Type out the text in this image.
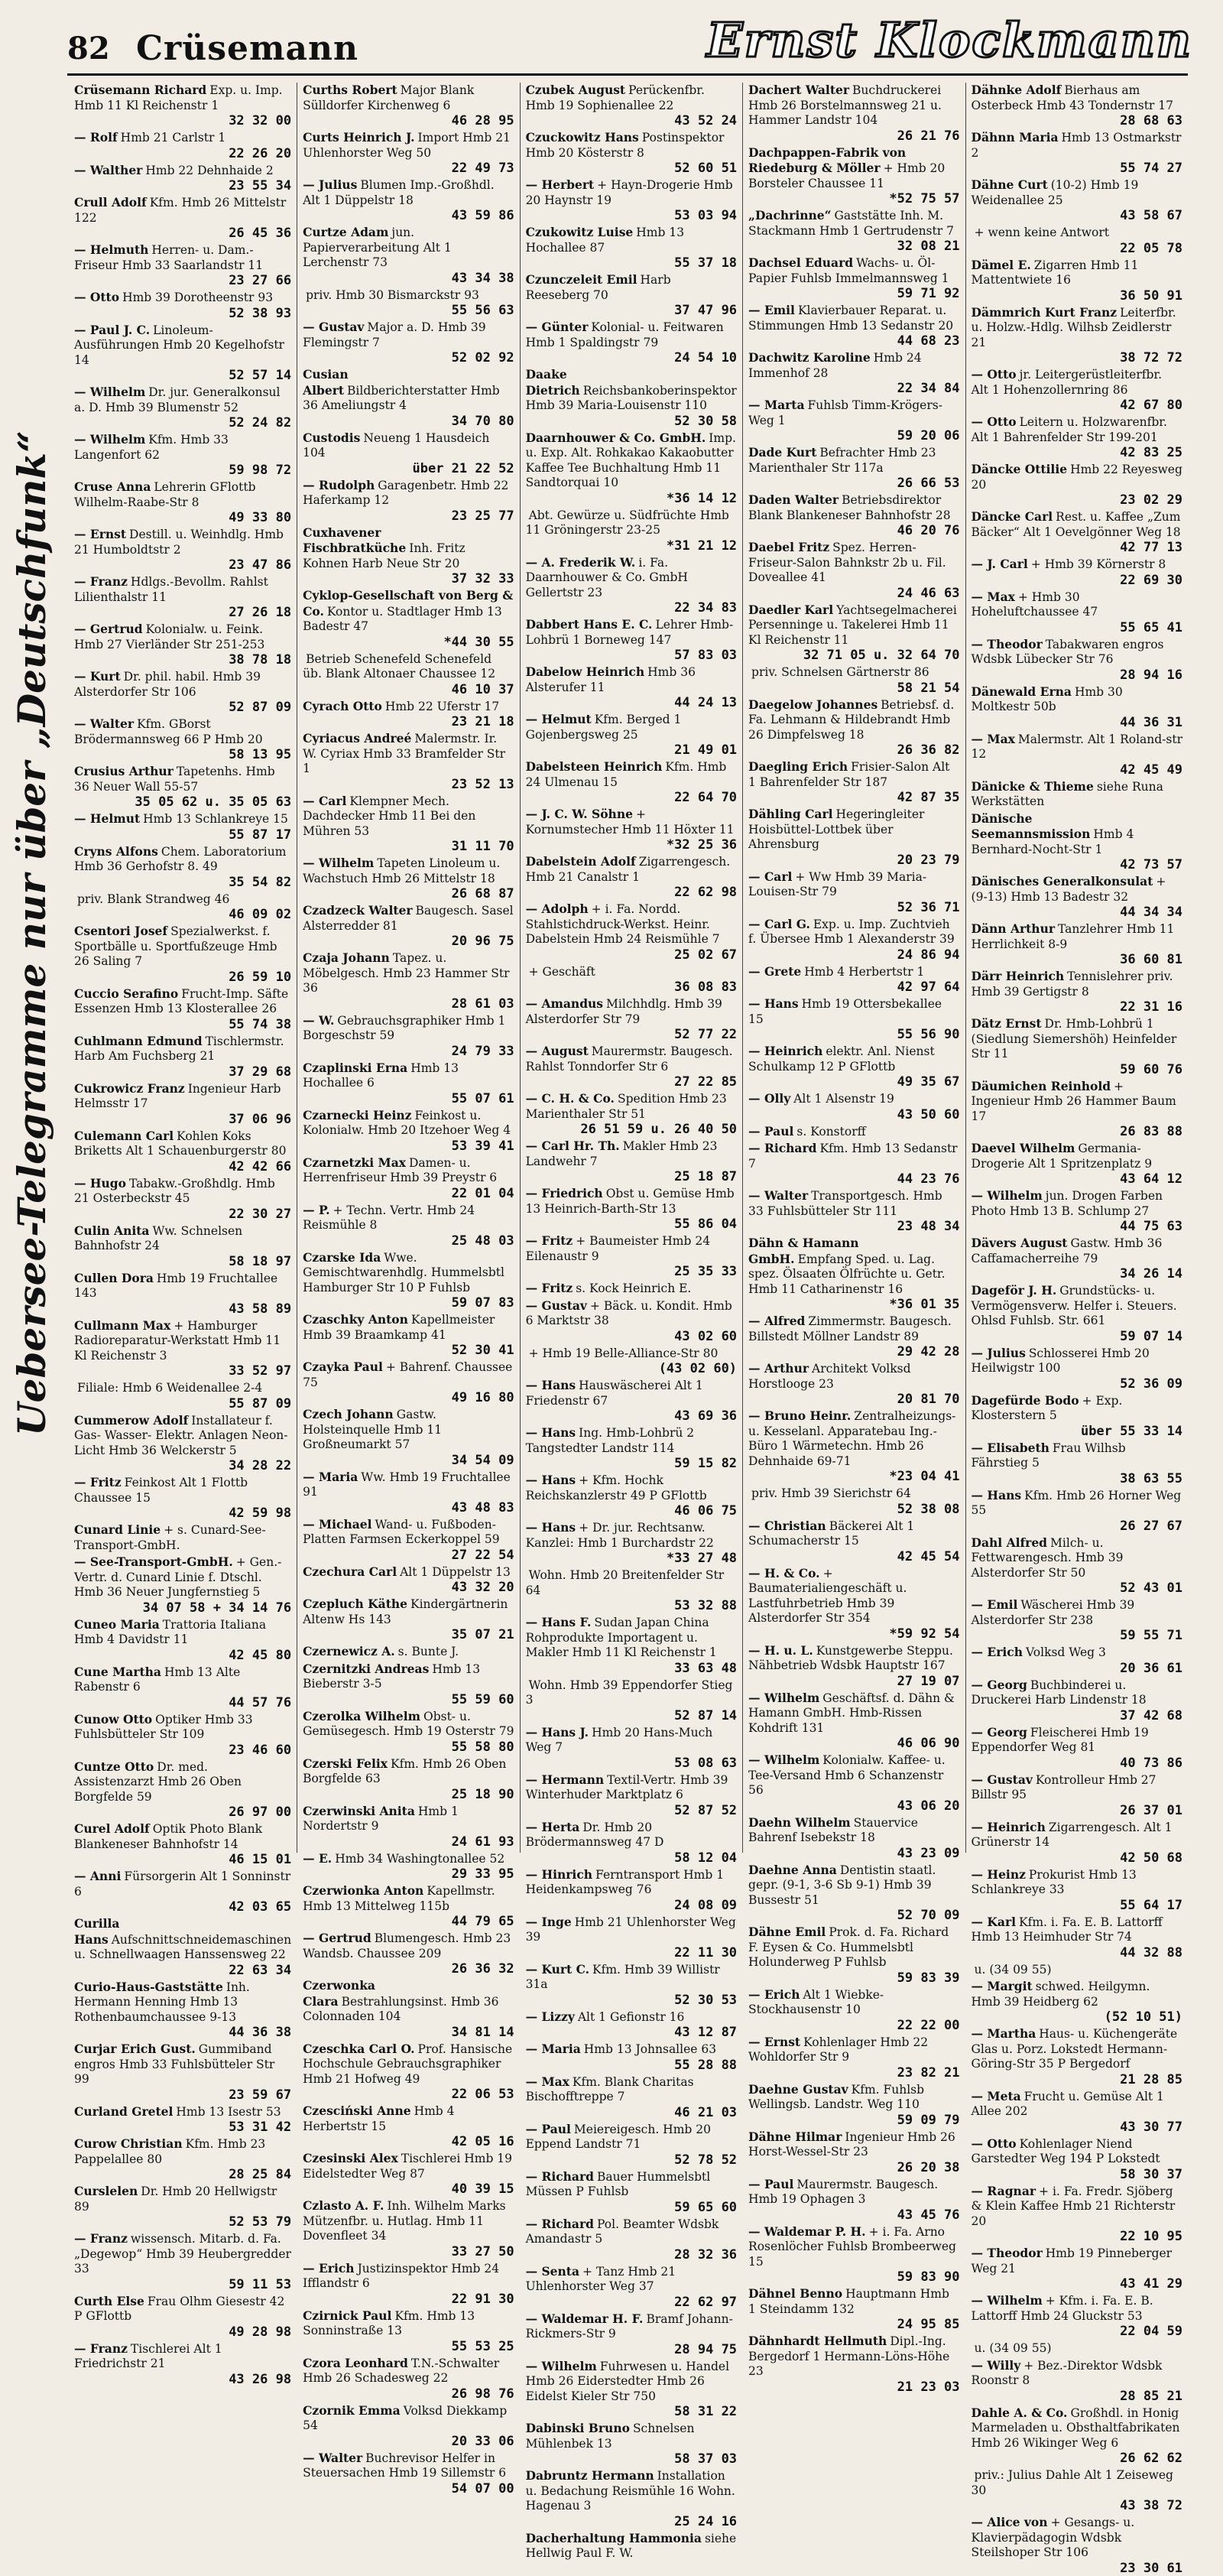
82 Crüsemann	Ernst Klockmann
Uebersee-Telegramme nur über „Deutschfunk“
Crüsemann Richard Exp. u. Imp. Hmb 11 Kl Reichenstr 1
32 32 00
— Rolf Hmb 21 Carlstr 1
22 26 20
— Walther Hmb 22 Dehnhaide 2
23 55 34
Crull Adolf Kfm. Hmb 26 Mittelstr 122
26 45 36
— Helmuth Herren- u. Dam.-Friseur Hmb 33 Saarlandstr 11
23 27 66
— Otto Hmb 39 Dorotheenstr 93
52 38 93
— Paul J. C. Linoleum-Ausführungen Hmb 20 Kegelhofstr 14
52 57 14
— Wilhelm Dr. jur. Generalkonsul a. D. Hmb 39 Blumenstr 52
52 24 82
— Wilhelm Kfm. Hmb 33 Langenfort 62
59 98 72
Cruse Anna Lehrerin GFlottb Wilhelm-Raabe-Str 8
49 33 80
— Ernst Destill. u. Weinhdlg. Hmb 21 Humboldtstr 2
23 47 86
— Franz Hdlgs.-Bevollm. Rahlst Lilienthalstr 11
27 26 18
— Gertrud Kolonialw. u. Feink. Hmb 27 Vierländer Str 251-253
38 78 18
— Kurt Dr. phil. habil. Hmb 39 Alsterdorfer Str 106
52 87 09
— Walter Kfm. GBorst Brödermannsweg 66 P Hmb 20
58 13 95
Crusius Arthur Tapetenhs. Hmb 36 Neuer Wall 55-57
35 05 62 u. 35 05 63
— Helmut Hmb 13 Schlankreye 15
55 87 17
Cryns Alfons Chem. Laboratorium Hmb 36 Gerhofstr 8. 49
35 54 82
priv. Blank Strandweg 46
46 09 02
Csentori Josef Spezialwerkst. f. Sportbälle u. Sportfußzeuge Hmb 26 Saling 7
26 59 10
Cuccio Serafino Frucht-Imp. Säfte Essenzen Hmb 13 Klosterallee 26
55 74 38
Cuhlmann Edmund Tischlermstr. Harb Am Fuchsberg 21
37 29 68
Cukrowicz Franz Ingenieur Harb Helmsstr 17
37 06 96
Culemann Carl Kohlen Koks Briketts Alt 1 Schauenburgerstr 80
42 42 66
— Hugo Tabakw.-Großhdlg. Hmb 21 Osterbeckstr 45
22 30 27
Culin Anita Ww. Schnelsen Bahnhofstr 24
58 18 97
Cullen Dora Hmb 19 Fruchtallee 143
43 58 89
Cullmann Max + Hamburger Radioreparatur-Werkstatt Hmb 11 Kl Reichenstr 3
33 52 97
Filiale: Hmb 6 Weidenallee 2-4
55 87 09
Cummerow Adolf Installateur f. Gas- Wasser- Elektr. Anlagen Neon-Licht Hmb 36 Welckerstr 5
34 28 22
— Fritz Feinkost Alt 1 Flottb Chaussee 15
42 59 98
Cunard Linie + s. Cunard-See-Transport-GmbH.
— See-Transport-GmbH. + Gen.-Vertr. d. Cunard Linie f. Dtschl. Hmb 36 Neuer Jungfernstieg 5
34 07 58 + 34 14 76
Cuneo Maria Trattoria Italiana Hmb 4 Davidstr 11
42 45 80
Cune Martha Hmb 13 Alte Rabenstr 6
44 57 76
Cunow Otto Optiker Hmb 33 Fuhlsbütteler Str 109
23 46 60
Cuntze Otto Dr. med. Assistenzarzt Hmb 26 Oben Borgfelde 59
26 97 00
Curel Adolf Optik Photo Blank Blankeneser Bahnhofstr 14
46 15 01
— Anni Fürsorgerin Alt 1 Sonninstr 6
42 03 65
Curilla Hans Aufschnittschneidemaschinen u. Schnellwaagen Hanssensweg 22
22 63 34
Curio-Haus-Gaststätte Inh. Hermann Henning Hmb 13 Rothenbaumchaussee 9-13
44 36 38
Curjar Erich Gust. Gummiband engros Hmb 33 Fuhlsbütteler Str 99
23 59 67
Curland Gretel Hmb 13 Isestr 53
53 31 42
Curow Christian Kfm. Hmb 23 Pappelallee 80
28 25 84
Curslelen Dr. Hmb 20 Hellwigstr 89
52 53 79
— Franz wissensch. Mitarb. d. Fa. „Degewop“ Hmb 39 Heubergredder 33
59 11 53
Curth Else Frau Olhm Giesestr 42 P GFlottb
49 28 98
— Franz Tischlerei Alt 1 Friedrichstr 21
43 26 98
Curths Robert Major Blank Sülldorfer Kirchenweg 6
46 28 95
Curts Heinrich J. Import Hmb 21 Uhlenhorster Weg 50
22 49 73
— Julius Blumen Imp.-Großhdl. Alt 1 Düppelstr 18
43 59 86
Curtze Adam jun. Papierverarbeitung Alt 1 Lerchenstr 73
43 34 38
priv. Hmb 30 Bismarckstr 93
55 56 63
— Gustav Major a. D. Hmb 39 Flemingstr 7
52 02 92
Cusian Albert Bildberichterstatter Hmb 36 Ameliungstr 4
34 70 80
Custodis Neueng 1 Hausdeich 104
über 21 22 52
— Rudolph Garagenbetr. Hmb 22 Haferkamp 12
23 25 77
Cuxhavener Fischbratküche Inh. Fritz Kohnen Harb Neue Str 20
37 32 33
Cyklop-Gesellschaft von Berg & Co. Kontor u. Stadtlager Hmb 13 Badestr 47
*44 30 55
Betrieb Schenefeld Schenefeld üb. Blank Altonaer Chaussee 12
46 10 37
Cyrach Otto Hmb 22 Uferstr 17
23 21 18
Cyriacus Andreé Malermstr. Ir. W. Cyriax Hmb 33 Bramfelder Str 1
23 52 13
— Carl Klempner Mech. Dachdecker Hmb 11 Bei den Mühren 53
31 11 70
— Wilhelm Tapeten Linoleum u. Wachstuch Hmb 26 Mittelstr 18
26 68 87
Czadzeck Walter Baugesch. Sasel Alsterredder 81
20 96 75
Czaja Johann Tapez. u. Möbelgesch. Hmb 23 Hammer Str 36
28 61 03
— W. Gebrauchsgraphiker Hmb 1 Borgeschstr 59
24 79 33
Czaplinski Erna Hmb 13 Hochallee 6
55 07 61
Czarnecki Heinz Feinkost u. Kolonialw. Hmb 20 Itzehoer Weg 4
53 39 41
Czarnetzki Max Damen- u. Herrenfriseur Hmb 39 Preystr 6
22 01 04
— P. + Techn. Vertr. Hmb 24 Reismühle 8
25 48 03
Czarske Ida Wwe. Gemischtwarenhdlg. Hummelsbtl Hamburger Str 10 P Fuhlsb
59 07 83
Czaschky Anton Kapellmeister Hmb 39 Braamkamp 41
52 30 41
Czayka Paul + Bahrenf. Chaussee 75
49 16 80
Czech Johann Gastw. Holsteinquelle Hmb 11 Großneumarkt 57
34 54 09
— Maria Ww. Hmb 19 Fruchtallee 91
43 48 83
— Michael Wand- u. Fußboden-Platten Farmsen Eckerkoppel 59
27 22 54
Czechura Carl Alt 1 Düppelstr 13
43 32 20
Czepluch Käthe Kindergärtnerin Altenw Hs 143
35 07 21
Czernewicz A. s. Bunte J.
Czernitzki Andreas Hmb 13 Bieberstr 3-5
55 59 60
Czerolka Wilhelm Obst- u. Gemüsegesch. Hmb 19 Osterstr 79
55 58 80
Czerski Felix Kfm. Hmb 26 Oben Borgfelde 63
25 18 90
Czerwinski Anita Hmb 1 Nordertstr 9
24 61 93
— E. Hmb 34 Washingtonallee 52
29 33 95
Czerwionka Anton Kapellmstr. Hmb 13 Mittelweg 115b
44 79 65
— Gertrud Blumengesch. Hmb 23 Wandsb. Chaussee 209
26 36 32
Czerwonka Clara Bestrahlungsinst. Hmb 36 Colonnaden 104
34 81 14
Czeschka Carl O. Prof. Hansische Hochschule Gebrauchsgraphiker Hmb 21 Hofweg 49
22 06 53
Czesciński Anne Hmb 4 Herbertstr 15
42 05 16
Czesinski Alex Tischlerei Hmb 19 Eidelstedter Weg 87
40 39 15
Czlasto A. F. Inh. Wilhelm Marks Mützenfbr. u. Hutlag. Hmb 11 Dovenfleet 34
33 27 50
— Erich Justizinspektor Hmb 24 Ifflandstr 6
22 91 30
Czirnick Paul Kfm. Hmb 13 Sonninstraße 13
55 53 25
Czora Leonhard T.N.-Schwalter Hmb 26 Schadesweg 22
26 98 76
Czornik Emma Volksd Diekkamp 54
20 33 06
— Walter Buchrevisor Helfer in Steuersachen Hmb 19 Sillemstr 6
54 07 00
Czubek August Perückenfbr. Hmb 19 Sophienallee 22
43 52 24
Czuckowitz Hans Postinspektor Hmb 20 Kösterstr 8
52 60 51
— Herbert + Hayn-Drogerie Hmb 20 Haynstr 19
53 03 94
Czukowitz Luise Hmb 13 Hochallee 87
55 37 18
Czunczeleit Emil Harb Reeseberg 70
37 47 96
— Günter Kolonial- u. Feitwaren Hmb 1 Spaldingstr 79
24 54 10
Daake Dietrich Reichsbankoberinspektor Hmb 39 Maria-Louisenstr 110
52 30 58
Daarnhouwer & Co. GmbH. Imp. u. Exp. Alt. Rohkakao Kakaobutter Kaffee Tee Buchhaltung Hmb 11 Sandtorquai 10
*36 14 12
Abt. Gewürze u. Südfrüchte Hmb 11 Gröningerstr 23-25
*31 21 12
— A. Frederik W. i. Fa. Daarnhouwer & Co. GmbH Gellertstr 23
22 34 83
Dabbert Hans E. C. Lehrer Hmb-Lohbrü 1 Borneweg 147
57 83 03
Dabelow Heinrich Hmb 36 Alsterufer 11
44 24 13
— Helmut Kfm. Berged 1 Gojenbergsweg 25
21 49 01
Dabelsteen Heinrich Kfm. Hmb 24 Ulmenau 15
22 64 70
— J. C. W. Söhne + Kornumstecher Hmb 11 Höxter 11
*32 25 36
Dabelstein Adolf Zigarrengesch. Hmb 21 Canalstr 1
22 62 98
— Adolph + i. Fa. Nordd. Stahlstichdruck-Werkst. Heinr. Dabelstein Hmb 24 Reismühle 7
25 02 67
+ Geschäft
36 08 83
— Amandus Milchhdlg. Hmb 39 Alsterdorfer Str 79
52 77 22
— August Maurermstr. Baugesch. Rahlst Tonndorfer Str 6
27 22 85
— C. H. & Co. Spedition Hmb 23 Marienthaler Str 51
26 51 59 u. 26 40 50
— Carl Hr. Th. Makler Hmb 23 Landwehr 7
25 18 87
— Friedrich Obst u. Gemüse Hmb 13 Heinrich-Barth-Str 13
55 86 04
— Fritz + Baumeister Hmb 24 Eilenaustr 9
25 35 33
— Fritz s. Kock Heinrich E.
— Gustav + Bäck. u. Kondit. Hmb 6 Marktstr 38
43 02 60
+ Hmb 19 Belle-Alliance-Str 80
(43 02 60)
— Hans Hauswäscherei Alt 1 Friedenstr 67
43 69 36
— Hans Ing. Hmb-Lohbrü 2 Tangstedter Landstr 114
59 15 82
— Hans + Kfm. Hochk Reichskanzlerstr 49 P GFlottb
46 06 75
— Hans + Dr. jur. Rechtsanw. Kanzlei: Hmb 1 Burchardstr 22
*33 27 48
Wohn. Hmb 20 Breitenfelder Str 64
53 32 88
— Hans F. Sudan Japan China Rohprodukte Importagent u. Makler Hmb 11 Kl Reichenstr 1
33 63 48
Wohn. Hmb 39 Eppendorfer Stieg 3
52 87 14
— Hans J. Hmb 20 Hans-Much Weg 7
53 08 63
— Hermann Textil-Vertr. Hmb 39 Winterhuder Marktplatz 6
52 87 52
— Herta Dr. Hmb 20 Brödermannsweg 47 D
58 12 04
— Hinrich Ferntransport Hmb 1 Heidenkampsweg 76
24 08 09
— Inge Hmb 21 Uhlenhorster Weg 39
22 11 30
— Kurt C. Kfm. Hmb 39 Willistr 31a
52 30 53
— Lizzy Alt 1 Gefionstr 16
43 12 87
— Maria Hmb 13 Johnsallee 63
55 28 88
— Max Kfm. Blank Charitas Bischofftreppe 7
46 21 03
— Paul Meiereigesch. Hmb 20 Eppend Landstr 71
52 78 52
— Richard Bauer Hummelsbtl Müssen P Fuhlsb
59 65 60
— Richard Pol. Beamter Wdsbk Amandastr 5
28 32 36
— Senta + Tanz Hmb 21 Uhlenhorster Weg 37
22 62 97
— Waldemar H. F. Bramf Johann-Rickmers-Str 9
28 94 75
— Wilhelm Fuhrwesen u. Handel Hmb 26 Eiderstedter Hmb 26 Eidelst Kieler Str 750
58 31 22
Dabinski Bruno Schnelsen Mühlenbek 13
58 37 03
Dabruntz Hermann Installation u. Bedachung Reismühle 16 Wohn. Hagenau 3
25 24 16
Dacherhaltung Hammonia siehe Hellwig Paul F. W.
Dachert Walter Buchdruckerei Hmb 26 Borstelmannsweg 21 u. Hammer Landstr 104
26 21 76
Dachpappen-Fabrik von Riedeburg & Möller + Hmb 20 Borsteler Chaussee 11
*52 75 57
„Dachrinne“ Gaststätte Inh. M. Stackmann Hmb 1 Gertrudenstr 7
32 08 21
Dachsel Eduard Wachs- u. Öl-Papier Fuhlsb Immelmannsweg 1
59 71 92
— Emil Klavierbauer Reparat. u. Stimmungen Hmb 13 Sedanstr 20
44 68 23
Dachwitz Karoline Hmb 24 Immenhof 28
22 34 84
— Marta Fuhlsb Timm-Krögers-Weg 1
59 20 06
Dade Kurt Befrachter Hmb 23 Marienthaler Str 117a
26 66 53
Daden Walter Betriebsdirektor Blank Blankeneser Bahnhofstr 28
46 20 76
Daebel Fritz Spez. Herren-Friseur-Salon Bahnkstr 2b u. Fil. Doveallee 41
24 46 63
Daedler Karl Yachtsegelmacherei Persenninge u. Takelerei Hmb 11 Kl Reichenstr 11
32 71 05 u. 32 64 70
priv. Schnelsen Gärtnerstr 86
58 21 54
Daegelow Johannes Betriebsf. d. Fa. Lehmann & Hildebrandt Hmb 26 Dimpfelsweg 18
26 36 82
Daegling Erich Frisier-Salon Alt 1 Bahrenfelder Str 187
42 87 35
Dähling Carl Hegeringleiter Hoisbüttel-Lottbek über Ahrensburg
20 23 79
— Carl + Ww Hmb 39 Maria-Louisen-Str 79
52 36 71
— Carl G. Exp. u. Imp. Zuchtvieh f. Übersee Hmb 1 Alexanderstr 39
24 86 94
— Grete Hmb 4 Herbertstr 1
42 97 64
— Hans Hmb 19 Ottersbekallee 15
55 56 90
— Heinrich elektr. Anl. Nienst Schulkamp 12 P GFlottb
49 35 67
— Olly Alt 1 Alsenstr 19
43 50 60
— Paul s. Konstorff
— Richard Kfm. Hmb 13 Sedanstr 7
44 23 76
— Walter Transportgesch. Hmb 33 Fuhlsbütteler Str 111
23 48 34
Dähn & Hamann GmbH. Empfang Sped. u. Lag. spez. Ölsaaten Ölfrüchte u. Getr. Hmb 11 Catharinenstr 16
*36 01 35
— Alfred Zimmermstr. Baugesch. Billstedt Möllner Landstr 89
29 42 28
— Arthur Architekt Volksd Horstlooge 23
20 81 70
— Bruno Heinr. Zentralheizungs- u. Kesselanl. Apparatebau Ing.-Büro 1 Wärmetechn. Hmb 26 Dehnhaide 69-71
*23 04 41
priv. Hmb 39 Sierichstr 64
52 38 08
— Christian Bäckerei Alt 1 Schumacherstr 15
42 45 54
— H. & Co. + Baumaterialiengeschäft u. Lastfuhrbetrieb Hmb 39 Alsterdorfer Str 354
*59 92 54
— H. u. L. Kunstgewerbe Steppu. Nähbetrieb Wdsbk Hauptstr 167
27 19 07
— Wilhelm Geschäftsf. d. Dähn & Hamann GmbH. Hmb-Rissen Kohdrift 131
46 06 90
— Wilhelm Kolonialw. Kaffee- u. Tee-Versand Hmb 6 Schanzenstr 56
43 06 20
Daehn Wilhelm Stauervice Bahrenf Isebekstr 18
43 23 09
Daehne Anna Dentistin staatl. gepr. (9-1, 3-6 Sb 9-1) Hmb 39 Bussestr 51
52 70 09
Dähne Emil Prok. d. Fa. Richard F. Eysen & Co. Hummelsbtl Holunderweg P Fuhlsb
59 83 39
— Erich Alt 1 Wiebke-Stockhausenstr 10
22 22 00
— Ernst Kohlenlager Hmb 22 Wohldorfer Str 9
23 82 21
Daehne Gustav Kfm. Fuhlsb Wellingsb. Landstr. Weg 110
59 09 79
Dähne Hilmar Ingenieur Hmb 26 Horst-Wessel-Str 23
26 20 38
— Paul Maurermstr. Baugesch. Hmb 19 Ophagen 3
43 45 76
— Waldemar P. H. + i. Fa. Arno Rosenlöcher Fuhlsb Brombeerweg 15
59 83 90
Dähnel Benno Hauptmann Hmb 1 Steindamm 132
24 95 85
Dähnhardt Hellmuth Dipl.-Ing. Bergedorf 1 Hermann-Löns-Höhe 23
21 23 03
Dähnke Adolf Bierhaus am Osterbeck Hmb 43 Tondernstr 17
28 68 63
Dähnn Maria Hmb 13 Ostmarkstr 2
55 74 27
Dähne Curt (10-2) Hmb 19 Weidenallee 25
43 58 67
+ wenn keine Antwort
22 05 78
Dämel E. Zigarren Hmb 11 Mattentwiete 16
36 50 91
Dämmrich Kurt Franz Leiterfbr. u. Holzw.-Hdlg. Wilhsb Zeidlerstr 21
38 72 72
— Otto jr. Leitergerüstleiterfbr. Alt 1 Hohenzollernring 86
42 67 80
— Otto Leitern u. Holzwarenfbr. Alt 1 Bahrenfelder Str 199-201
42 83 25
Däncke Ottilie Hmb 22 Reyesweg 20
23 02 29
Däncke Carl Rest. u. Kaffee „Zum Bäcker“ Alt 1 Oevelgönner Weg 18
42 77 13
— J. Carl + Hmb 39 Körnerstr 8
22 69 30
— Max + Hmb 30 Hoheluftchaussee 47
55 65 41
— Theodor Tabakwaren engros Wdsbk Lübecker Str 76
28 94 16
Dänewald Erna Hmb 30 Moltkestr 50b
44 36 31
— Max Malermstr. Alt 1 Roland-str 12
42 45 49
Dänicke & Thieme siehe Runa Werkstätten
Dänische Seemannsmission Hmb 4 Bernhard-Nocht-Str 1
42 73 57
Dänisches Generalkonsulat + (9-13) Hmb 13 Badestr 32
44 34 34
Dänn Arthur Tanzlehrer Hmb 11 Herrlichkeit 8-9
36 60 81
Därr Heinrich Tennislehrer priv. Hmb 39 Gertigstr 8
22 31 16
Dätz Ernst Dr. Hmb-Lohbrü 1 (Siedlung Siemershöh) Heinfelder Str 11
59 60 76
Däumichen Reinhold + Ingenieur Hmb 26 Hammer Baum 17
26 83 88
Daevel Wilhelm Germania-Drogerie Alt 1 Spritzenplatz 9
43 64 12
— Wilhelm jun. Drogen Farben Photo Hmb 13 B. Schlump 27
44 75 63
Dävers August Gastw. Hmb 36 Caffamacherreihe 79
34 26 14
Dageför J. H. Grundstücks- u. Vermögensverw. Helfer i. Steuers. Ohlsd Fuhlsb. Str. 661
59 07 14
— Julius Schlosserei Hmb 20 Heilwigstr 100
52 36 09
Dagefürde Bodo + Exp. Klosterstern 5
über 55 33 14
— Elisabeth Frau Wilhsb Fährstieg 5
38 63 55
— Hans Kfm. Hmb 26 Horner Weg 55
26 27 67
Dahl Alfred Milch- u. Fettwarengesch. Hmb 39 Alsterdorfer Str 50
52 43 01
— Emil Wäscherei Hmb 39 Alsterdorfer Str 238
59 55 71
— Erich Volksd Weg 3
20 36 61
— Georg Buchbinderei u. Druckerei Harb Lindenstr 18
37 42 68
— Georg Fleischerei Hmb 19 Eppendorfer Weg 81
40 73 86
— Gustav Kontrolleur Hmb 27 Billstr 95
26 37 01
— Heinrich Zigarrengesch. Alt 1 Grünerstr 14
42 50 68
— Heinz Prokurist Hmb 13 Schlankreye 33
55 64 17
— Karl Kfm. i. Fa. E. B. Lattorff Hmb 13 Heimhuder Str 74
44 32 88
u. (34 09 55)
— Margit schwed. Heilgymn. Hmb 39 Heidberg 62
(52 10 51)
— Martha Haus- u. Küchengeräte Glas u. Porz. Lokstedt Hermann-Göring-Str 35 P Bergedorf
21 28 85
— Meta Frucht u. Gemüse Alt 1 Allee 202
43 30 77
— Otto Kohlenlager Niend Garstedter Weg 194 P Lokstedt
58 30 37
— Ragnar + i. Fa. Fredr. Sjöberg & Klein Kaffee Hmb 21 Richterstr 20
22 10 95
— Theodor Hmb 19 Pinneberger Weg 21
43 41 29
— Wilhelm + Kfm. i. Fa. E. B. Lattorff Hmb 24 Gluckstr 53
22 04 59
u. (34 09 55)
— Willy + Bez.-Direktor Wdsbk Roonstr 8
28 85 21
Dahle A. & Co. Großhdl. in Honig Marmeladen u. Obsthaltfabrikaten Hmb 26 Wikinger Weg 6
26 62 62
priv.: Julius Dahle Alt 1 Zeiseweg 30
43 38 72
— Alice von + Gesangs- u. Klavierpädagogin Wdsbk Steilshoper Str 106
23 30 61
